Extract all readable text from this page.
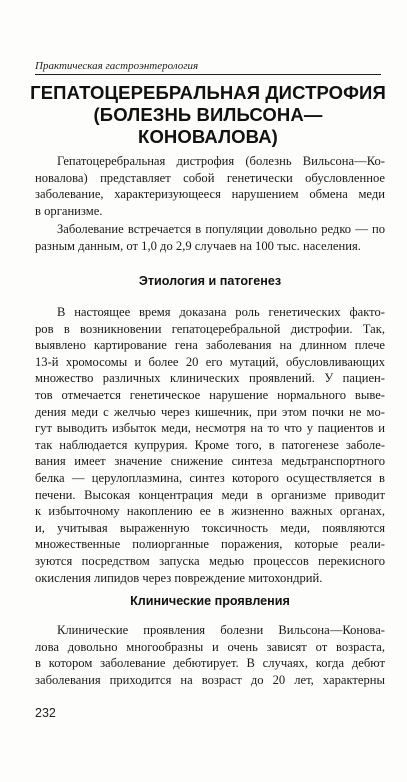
Практическая гастроэнтерология
ГЕПАТОЦЕРЕБРАЛЬНАЯ ДИСТРОФИЯ
(БОЛЕЗНЬ ВИЛЬСОНА—
КОНОВАЛОВА)
Гепатоцеребральная дистрофия (болезнь Вильсона—Ко-
новалова) представляет собой генетически обусловленное
заболевание, характеризующееся нарушением обмена меди
в организме.
Заболевание встречается в популяции довольно редко — по
разным данным, от 1,0 до 2,9 случаев на 100 тыс. населения.
Этиология и патогенез
В настоящее время доказана роль генетических факто-
ров в возникновении гепатоцеребральной дистрофии. Так,
выявлено картирование гена заболевания на длинном плече
13-й хромосомы и более 20 его мутаций, обусловливающих
множество различных клинических проявлений. У пациен-
тов отмечается генетическое нарушение нормального выве-
дения меди с желчью через кишечник, при этом почки не мо-
гут выводить избыток меди, несмотря на то что у пациентов и
так наблюдается купрурия. Кроме того, в патогенезе заболе-
вания имеет значение снижение синтеза медьтранспортного
белка — церулоплазмина, синтез которого осуществляется в
печени. Высокая концентрация меди в организме приводит
к избыточному накоплению ее в жизненно важных органах,
и, учитывая выраженную токсичность меди, появляются
множественные полиорганные поражения, которые реали-
зуются посредством запуска медью процессов перекисного
окисления липидов через повреждение митохондрий.
Клинические проявления
Клинические проявления болезни Вильсона—Конова-
лова довольно многообразны и очень зависят от возраста,
в котором заболевание дебютирует. В случаях, когда дебют
заболевания приходится на возраст до 20 лет, характерны
232
